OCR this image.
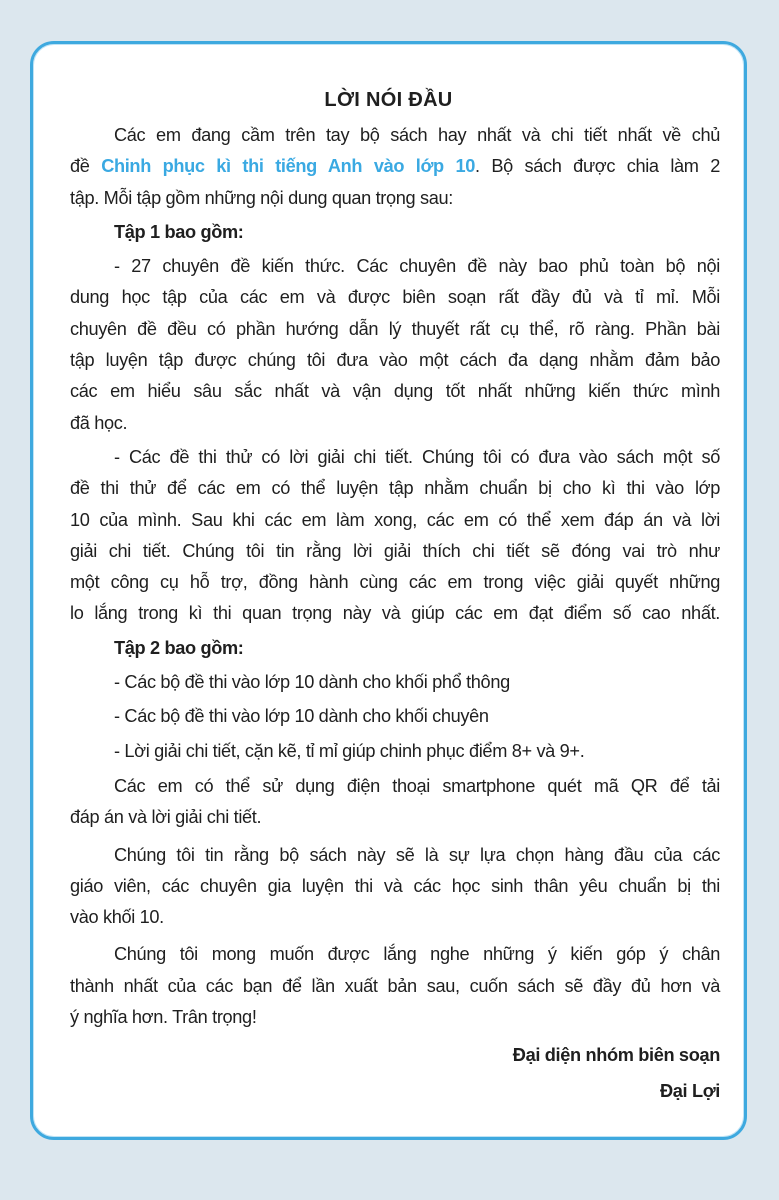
LỜI NÓI ĐẦU
Các em đang cầm trên tay bộ sách hay nhất và chi tiết nhất về chủ
đề Chinh phục kì thi tiếng Anh vào lớp 10. Bộ sách được chia làm 2
tập. Mỗi tập gồm những nội dung quan trọng sau:
Tập 1 bao gồm:
- 27 chuyên đề kiến thức. Các chuyên đề này bao phủ toàn bộ nội
dung học tập của các em và được biên soạn rất đầy đủ và tỉ mỉ. Mỗi
chuyên đề đều có phần hướng dẫn lý thuyết rất cụ thể, rõ ràng. Phần bài
tập luyện tập được chúng tôi đưa vào một cách đa dạng nhằm đảm bảo
các em hiểu sâu sắc nhất và vận dụng tốt nhất những kiến thức mình
đã học.
- Các đề thi thử có lời giải chi tiết. Chúng tôi có đưa vào sách một số
đề thi thử để các em có thể luyện tập nhằm chuẩn bị cho kì thi vào lớp
10 của mình. Sau khi các em làm xong, các em có thể xem đáp án và lời
giải chi tiết. Chúng tôi tin rằng lời giải thích chi tiết sẽ đóng vai trò như
một công cụ hỗ trợ, đồng hành cùng các em trong việc giải quyết những
lo lắng trong kì thi quan trọng này và giúp các em đạt điểm số cao nhất.
Tập 2 bao gồm:
- Các bộ đề thi vào lớp 10 dành cho khối phổ thông
- Các bộ đề thi vào lớp 10 dành cho khối chuyên
- Lời giải chi tiết, cặn kẽ, tỉ mỉ giúp chinh phục điểm 8+ và 9+.
Các em có thể sử dụng điện thoại smartphone quét mã QR để tải
đáp án và lời giải chi tiết.
Chúng tôi tin rằng bộ sách này sẽ là sự lựa chọn hàng đầu của các
giáo viên, các chuyên gia luyện thi và các học sinh thân yêu chuẩn bị thi
vào khối 10.
Chúng tôi mong muốn được lắng nghe những ý kiến góp ý chân
thành nhất của các bạn để lần xuất bản sau, cuốn sách sẽ đầy đủ hơn và
ý nghĩa hơn. Trân trọng!
Đại diện nhóm biên soạn
Đại Lợi
